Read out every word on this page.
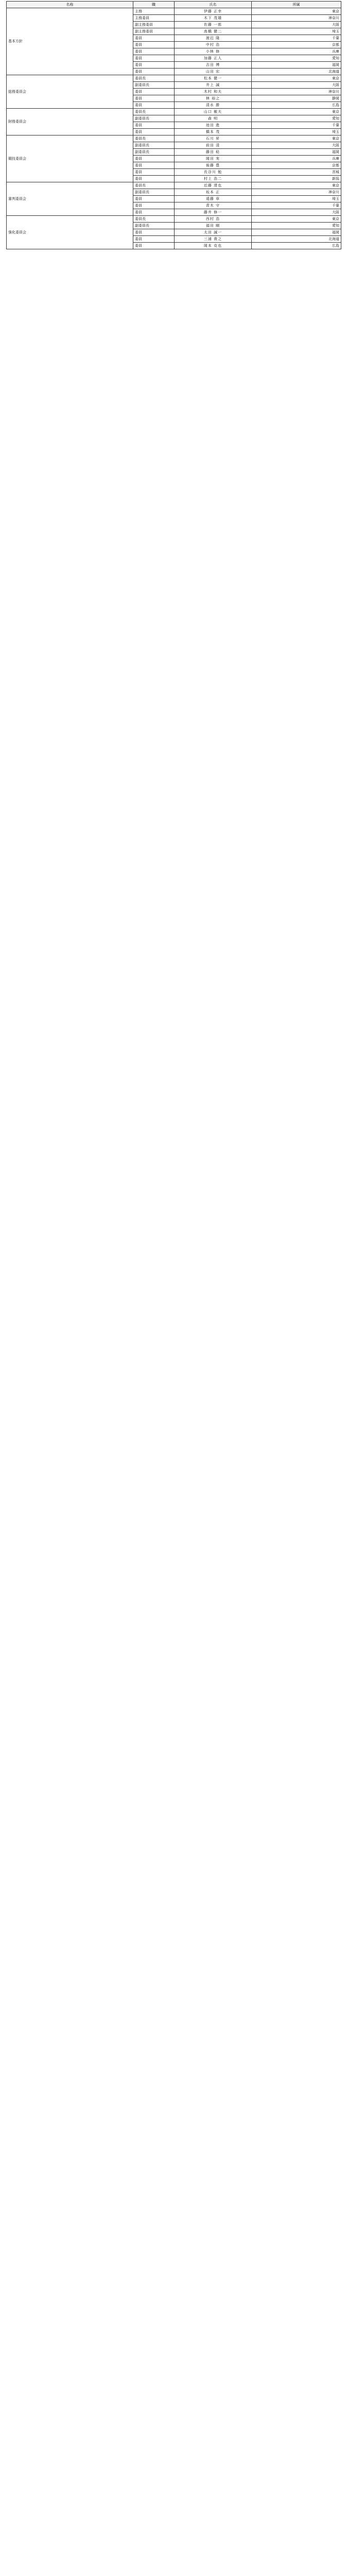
名称	職	氏名	所属
基本方針	主務	伊藤 正幸	東京
	主務委員	木下 茂雄	神奈川
	副主務委員	佐藤 一郎	大阪
	副主務委員	高橋 健二	埼玉
	委員	渡辺 隆	千葉
	委員	中村 浩	京都
	委員	小林 修	兵庫
	委員	加藤 正人	愛知
	委員	吉田 博	福岡
	委員	山田 宏	北海道
総務委員会	委員長	松本 健一	東京
	副委員長	井上 誠	大阪
	委員	木村 和夫	神奈川
	委員	林 裕之	静岡
	委員	清水 勝	広島
財務委員会	委員長	山口 敏夫	東京
	副委員長	森 明	愛知
	委員	池田 進	千葉
	委員	橋本 茂	埼玉
競技委員会	委員長	石川 昇	東京
	副委員長	前田 清	大阪
	副委員長	藤田 稔	福岡
	委員	岡田 実	兵庫
	委員	後藤 豊	京都
	委員	長谷川 勉	宮城
	委員	村上 浩二	新潟
審判委員会	委員長	近藤 達也	東京
	副委員長	坂本 正	神奈川
	委員	遠藤 章	埼玉
	委員	青木 守	千葉
	委員	藤井 修一	大阪
強化委員会	委員長	西村 浩	東京
	副委員長	福田 剛	愛知
	委員	太田 誠一	福岡
	委員	三浦 貴之	北海道
	委員	岡本 克也	広島
